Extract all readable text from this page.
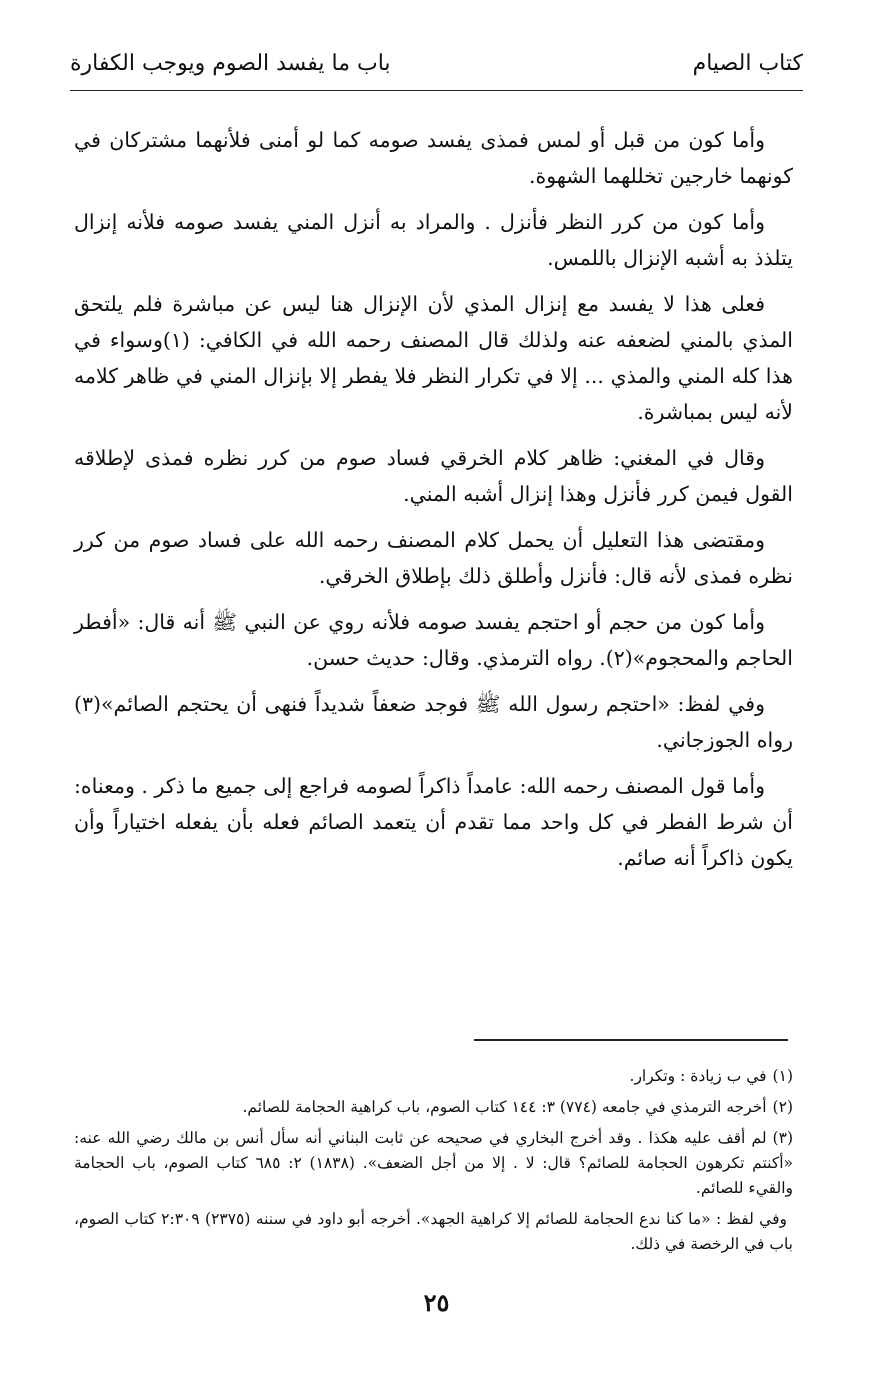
كتاب الصيام
باب ما يفسد الصوم ويوجب الكفارة

وأما كون من قبل أو لمس فمذى يفسد صومه كما لو أمنى فلأنهما مشتركان في كونهما خارجين تخللهما الشهوة.

وأما كون من كرر النظر فأنزل . والمراد به أنزل المني يفسد صومه فلأنه إنزال يتلذذ به أشبه الإنزال باللمس.

فعلى هذا لا يفسد مع إنزال المذي لأن الإنزال هنا ليس عن مباشرة فلم يلتحق المذي بالمني لضعفه عنه ولذلك قال المصنف رحمه الله في الكافي: (١)وسواء في هذا كله المني والمذي ... إلا في تكرار النظر فلا يفطر إلا بإنزال المني في ظاهر كلامه لأنه ليس بمباشرة.

وقال في المغني: ظاهر كلام الخرقي فساد صوم من كرر نظره فمذى لإطلاقه القول فيمن كرر فأنزل وهذا إنزال أشبه المني.

ومقتضى هذا التعليل أن يحمل كلام المصنف رحمه الله على فساد صوم من كرر نظره فمذى لأنه قال: فأنزل وأطلق ذلك بإطلاق الخرقي.

وأما كون من حجم أو احتجم يفسد صومه فلأنه روي عن النبي ﷺ أنه قال: «أفطر الحاجم والمحجوم»(٢). رواه الترمذي. وقال: حديث حسن.

وفي لفظ: «احتجم رسول الله ﷺ فوجد ضعفاً شديداً فنهى أن يحتجم الصائم»(٣) رواه الجوزجاني.

وأما قول المصنف رحمه الله: عامداً ذاكراً لصومه فراجع إلى جميع ما ذكر . ومعناه: أن شرط الفطر في كل واحد مما تقدم أن يتعمد الصائم فعله بأن يفعله اختياراً وأن يكون ذاكراً أنه صائم.

(١)في ب زيادة : وتكرار.

(٢)أخرجه الترمذي في جامعه (٧٧٤) ٣: ١٤٤ كتاب الصوم، باب كراهية الحجامة للصائم.

(٣)لم أقف عليه هكذا . وقد أخرج البخاري في صحيحه عن ثابت البناني أنه سأل أنس بن مالك رضي الله عنه: «أكنتم تكرهون الحجامة للصائم؟ قال: لا . إلا من أجل الضعف». (١٨٣٨) ٢: ٦٨٥ كتاب الصوم، باب الحجامة والقيء للصائم.

وفي لفظ : «ما كنا ندع الحجامة للصائم إلا كراهية الجهد». أخرجه أبو داود في سننه (٢٣٧٥) ٢:٣٠٩ كتاب الصوم، باب في الرخصة في ذلك.

٢٥
